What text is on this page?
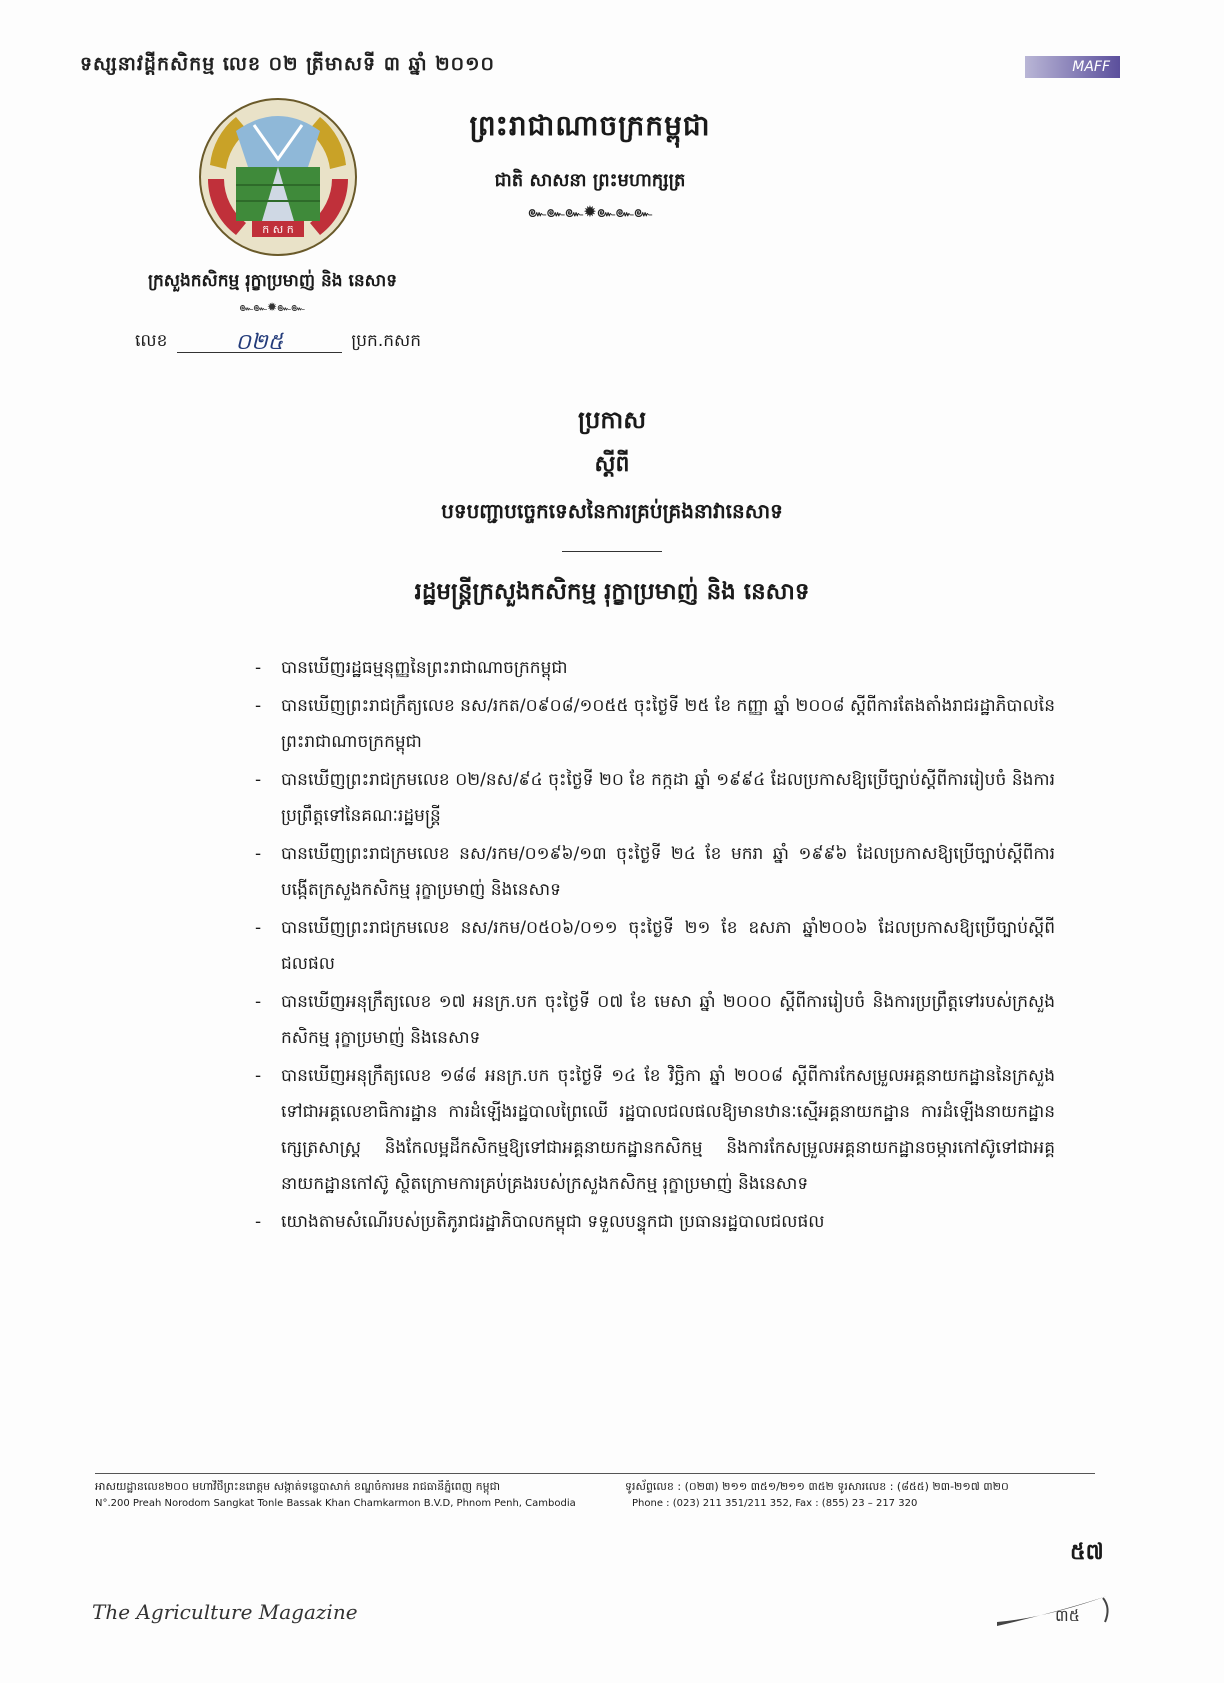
ទស្សនាវដ្តីកសិកម្ម លេខ ០២ ត្រីមាសទី ៣ ឆ្នាំ ២០១០	MAFF
ក ស ក
ក្រសួងកសិកម្ម រុក្ខាប្រមាញ់ និង នេសាទ
๛๛✹๛๛
លេខ	០២៥	ប្រក.កសក
ព្រះរាជាណាចក្រកម្ពុជា
ជាតិ សាសនា ព្រះមហាក្សត្រ
๛๛๛✹๛๛๛
ប្រកាស
ស្តីពី
បទបញ្ជាបច្ចេកទេសនៃការគ្រប់គ្រងនាវានេសាទ
រដ្ឋមន្ត្រីក្រសួងកសិកម្ម រុក្ខាប្រមាញ់ និង នេសាទ
- បានឃើញរដ្ឋធម្មនុញ្ញនៃព្រះរាជាណាចក្រកម្ពុជា
- បានឃើញព្រះរាជក្រឹត្យលេខ នស/រកត/០៩០៨/១០៥៥ ចុះថ្ងៃទី ២៥ ខែ កញ្ញា ឆ្នាំ ២០០៨ ស្តីពីការតែងតាំងរាជរដ្ឋាភិបាលនៃព្រះរាជាណាចក្រកម្ពុជា
- បានឃើញព្រះរាជក្រមលេខ ០២/នស/៩៤ ចុះថ្ងៃទី ២០ ខែ កក្កដា ឆ្នាំ ១៩៩៤ ដែលប្រកាសឱ្យប្រើច្បាប់ស្តីពីការរៀបចំ និងការប្រព្រឹត្តទៅនៃគណៈរដ្ឋមន្ត្រី
- បានឃើញព្រះរាជក្រមលេខ នស/រកម/០១៩៦/១៣ ចុះថ្ងៃទី ២៤ ខែ មករា ឆ្នាំ ១៩៩៦ ដែលប្រកាសឱ្យប្រើច្បាប់ស្តីពីការបង្កើតក្រសួងកសិកម្ម រុក្ខាប្រមាញ់ និងនេសាទ
- បានឃើញព្រះរាជក្រមលេខ នស/រកម/០៥០៦/០១១ ចុះថ្ងៃទី ២១ ខែ ឧសភា ឆ្នាំ២០០៦ ដែលប្រកាសឱ្យប្រើច្បាប់ស្តីពីជលផល
- បានឃើញអនុក្រឹត្យលេខ ១៧ អនក្រ.បក ចុះថ្ងៃទី ០៧ ខែ មេសា ឆ្នាំ ២០០០ ស្តីពីការរៀបចំ និងការប្រព្រឹត្តទៅរបស់ក្រសួងកសិកម្ម រុក្ខាប្រមាញ់ និងនេសាទ
- បានឃើញអនុក្រឹត្យលេខ ១៨៨ អនក្រ.បក ចុះថ្ងៃទី ១៤ ខែ វិច្ឆិកា ឆ្នាំ ២០០៨ ស្តីពីការកែសម្រួលអគ្គនាយកដ្ឋាននៃក្រសួងទៅជាអគ្គលេខាធិការដ្ឋាន ការដំឡើងរដ្ឋបាលព្រៃឈើ រដ្ឋបាលជលផលឱ្យមានឋានៈស្មើអគ្គនាយកដ្ឋាន ការដំឡើងនាយកដ្ឋានក្សេត្រសាស្ត្រ និងកែលម្អដីកសិកម្មឱ្យទៅជាអគ្គនាយកដ្ឋានកសិកម្ម និងការកែសម្រួលអគ្គនាយកដ្ឋានចម្ការកៅស៊ូទៅជាអគ្គនាយកដ្ឋានកៅស៊ូ ស្ថិតក្រោមការគ្រប់គ្រងរបស់ក្រសួងកសិកម្ម រុក្ខាប្រមាញ់ និងនេសាទ
- យោងតាមសំណើរបស់ប្រតិភូរាជរដ្ឋាភិបាលកម្ពុជា ទទួលបន្ទុកជា ប្រធានរដ្ឋបាលជលផល
អាសយដ្ឋានលេខ២០០ មហាវិថីព្រះនរោត្តម សង្កាត់ទន្លេបាសាក់ ខណ្ឌចំការមន រាជធានីភ្នំពេញ កម្ពុជា
N°.200 Preah Norodom Sangkat Tonle Bassak Khan Chamkarmon B.V.D, Phnom Penh, Cambodia
ទូរស័ព្ទលេខ : (០២៣) ២១១ ៣៥១/២១១ ៣៥២ ទូរសារលេខ : (៨៥៥) ២៣-២១៧ ៣២០
Phone : (023) 211 351/211 352, Fax : (855) 23 – 217 320
៥៧
The Agriculture Magazine	៣៥
